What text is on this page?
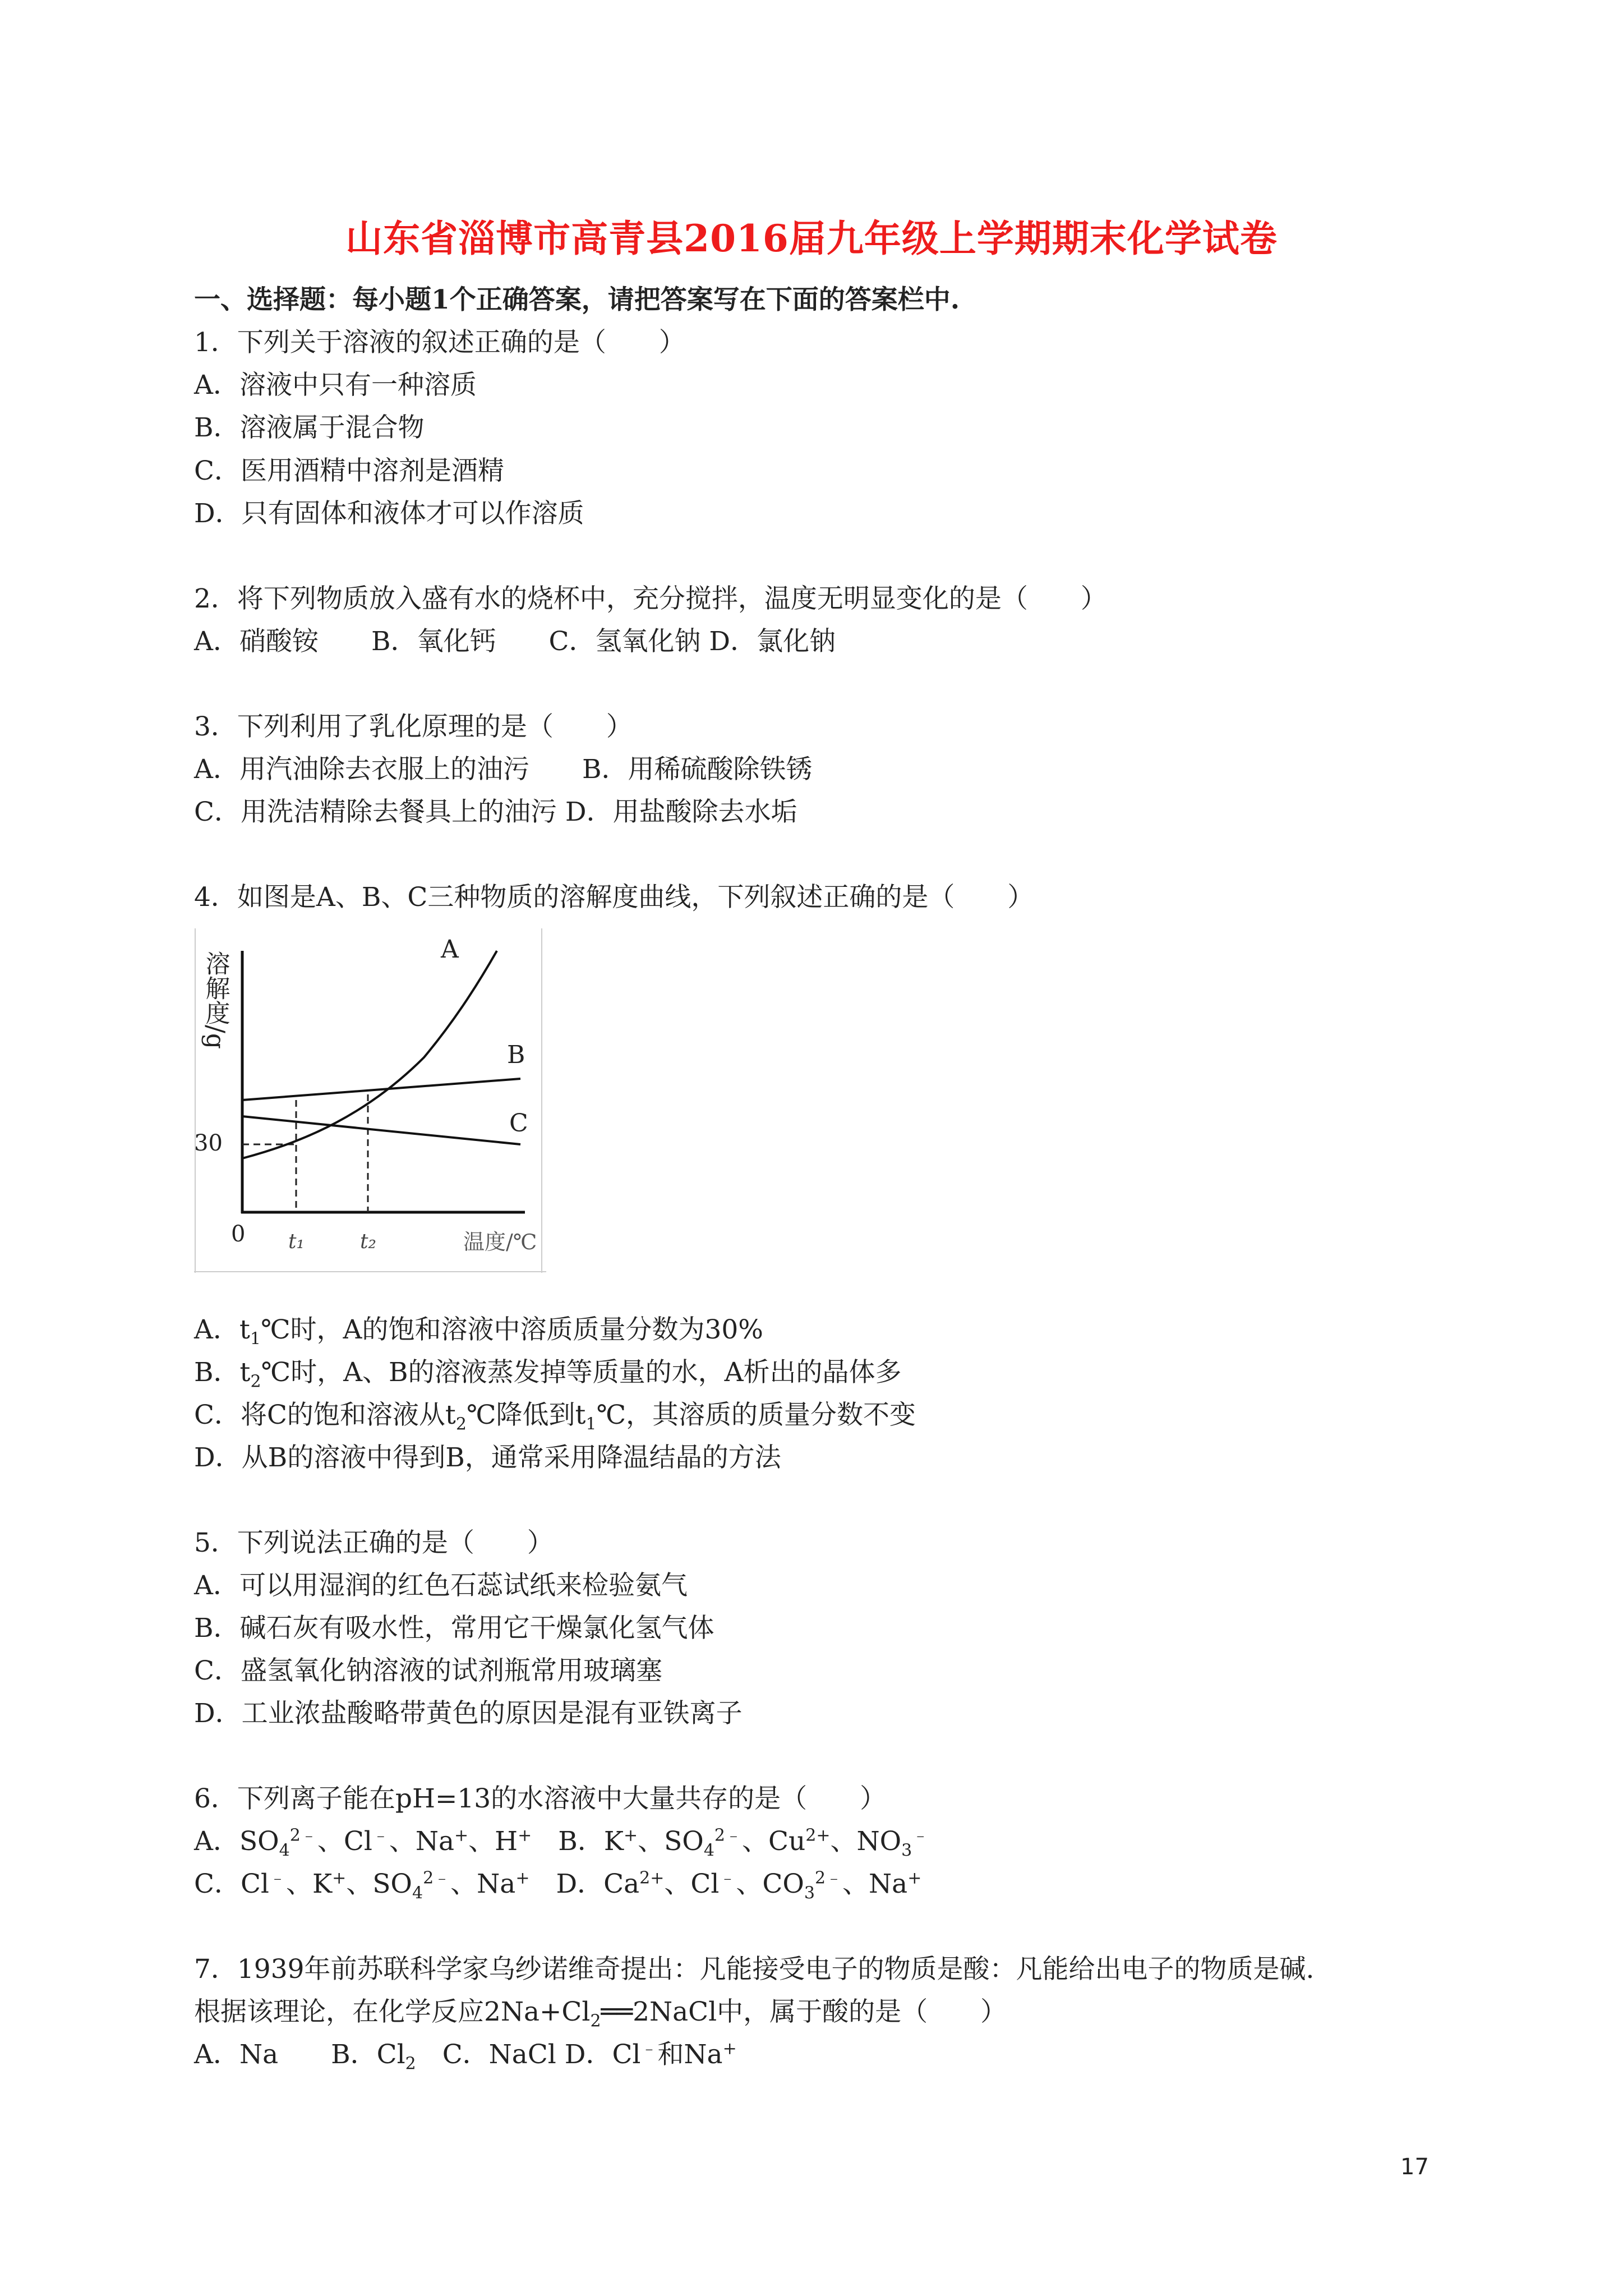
山东省淄博市高青县2016届九年级上学期期末化学试卷
一、选择题：每小题1个正确答案，请把答案写在下面的答案栏中.
1．下列关于溶液的叙述正确的是（　　）
A．溶液中只有一种溶质
B．溶液属于混合物
C．医用酒精中溶剂是酒精
D．只有固体和液体才可以作溶质
2．将下列物质放入盛有水的烧杯中，充分搅拌，温度无明显变化的是（　　）
A．硝酸铵　　B．氧化钙　　C．氢氧化钠 D．氯化钠
3．下列利用了乳化原理的是（　　）
A．用汽油除去衣服上的油污　　B．用稀硫酸除铁锈
C．用洗洁精除去餐具上的油污 D．用盐酸除去水垢
4．如图是A、B、C三种物质的溶解度曲线，下列叙述正确的是（　　）
溶解度/g
30
0 t₁	t₂	温度/℃
A
B
C
A．$t_1℃$时，A的饱和溶液中溶质质量分数为30%
B．$t_2℃$时，A、B的溶液蒸发掉等质量的水，A析出的晶体多
C．将C的饱和溶液从$t_2℃$降低到$t_1℃$，其溶质的质量分数不变
D．从B的溶液中得到B，通常采用降温结晶的方法
5．下列说法正确的是（　　）
A．可以用湿润的红色石蕊试纸来检验氨气
B．碱石灰有吸水性，常用它干燥氯化氢气体
C．盛氢氧化钠溶液的试剂瓶常用玻璃塞
D．工业浓盐酸略带黄色的原因是混有亚铁离子
6．下列离子能在pH=13的水溶液中大量共存的是（　　）
A．$SO_4^{2﹣}$、Cl﹣、Na+、H+　B．K+、$SO_4^{2﹣}$、$Cu^{2+}$、$NO_3^﹣$
C．Cl﹣、K+、$SO_4^{2﹣}$、Na+　D．$Ca^{2+}$、Cl﹣、$CO_3^{2﹣}$、Na+
7．1939年前苏联科学家乌纱诺维奇提出：凡能接受电子的物质是酸：凡能给出电子的物质是碱.
根据该理论，在化学反应$2Na+Cl_2══2NaCl$中，属于酸的是（　　）
A．Na　　B．$Cl_2$　C．NaCl D．Cl﹣和Na+
17
